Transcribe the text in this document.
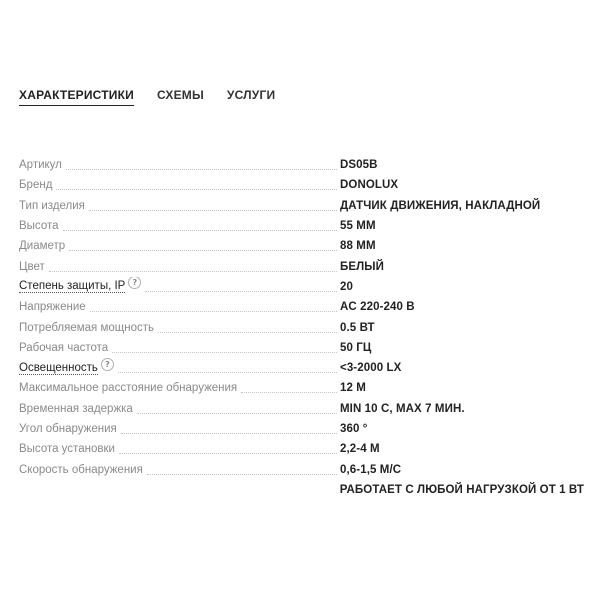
ХАРАКТЕРИСТИКИ СХЕМЫ УСЛУГИ
Артикул	DS05B
Бренд	DONOLUX
Тип изделия	ДАТЧИК ДВИЖЕНИЯ, НАКЛАДНОЙ
Высота	55 ММ
Диаметр	88 ММ
Цвет	БЕЛЫЙ
Степень защиты, IP ?	20
Напряжение	AC 220-240 В
Потребляемая мощность	0.5 ВТ
Рабочая частота	50 ГЦ
Освещенность ?	<3-2000 LX
Максимальное расстояние обнаружения	12 М
Временная задержка	MIN 10 С, MAX 7 МИН.
Угол обнаружения	360 °
Высота установки	2,2-4 М
Скорость обнаружения	0,6-1,5 М/С
РАБОТАЕТ С ЛЮБОЙ НАГРУЗКОЙ ОТ 1 ВТ
